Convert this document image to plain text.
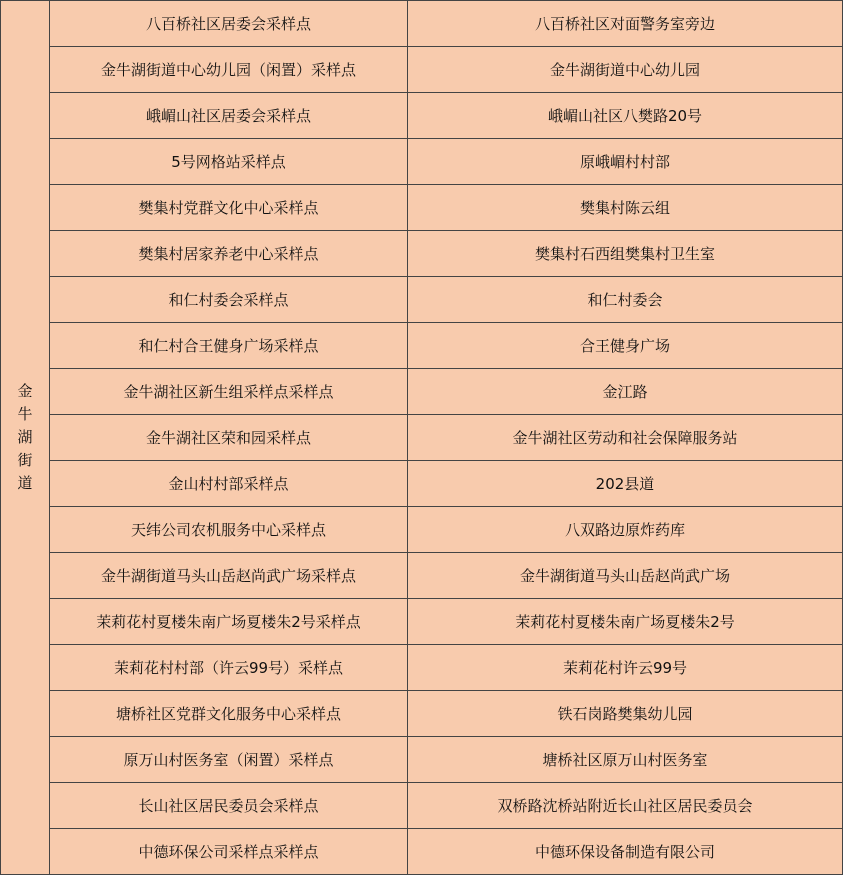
金
牛
湖
街
道	八百桥社区居委会采样点	八百桥社区对面警务室旁边
	金牛湖街道中心幼儿园（闲置）采样点	金牛湖街道中心幼儿园
	峨嵋山社区居委会采样点	峨嵋山社区八樊路20号
	5号网格站采样点	原峨嵋村村部
	樊集村党群文化中心采样点	樊集村陈云组
	樊集村居家养老中心采样点	樊集村石西组樊集村卫生室
	和仁村委会采样点	和仁村委会
	和仁村合王健身广场采样点	合王健身广场
	金牛湖社区新生组采样点采样点	金江路
	金牛湖社区荣和园采样点	金牛湖社区劳动和社会保障服务站
	金山村村部采样点	202县道
	天纬公司农机服务中心采样点	八双路边原炸药库
	金牛湖街道马头山岳赵尚武广场采样点	金牛湖街道马头山岳赵尚武广场
	茉莉花村夏楼朱南广场夏楼朱2号采样点	茉莉花村夏楼朱南广场夏楼朱2号
	茉莉花村村部（许云99号）采样点	茉莉花村许云99号
	塘桥社区党群文化服务中心采样点	铁石岗路樊集幼儿园
	原万山村医务室（闲置）采样点	塘桥社区原万山村医务室
	长山社区居民委员会采样点	双桥路沈桥站附近长山社区居民委员会
	中德环保公司采样点采样点	中德环保设备制造有限公司
